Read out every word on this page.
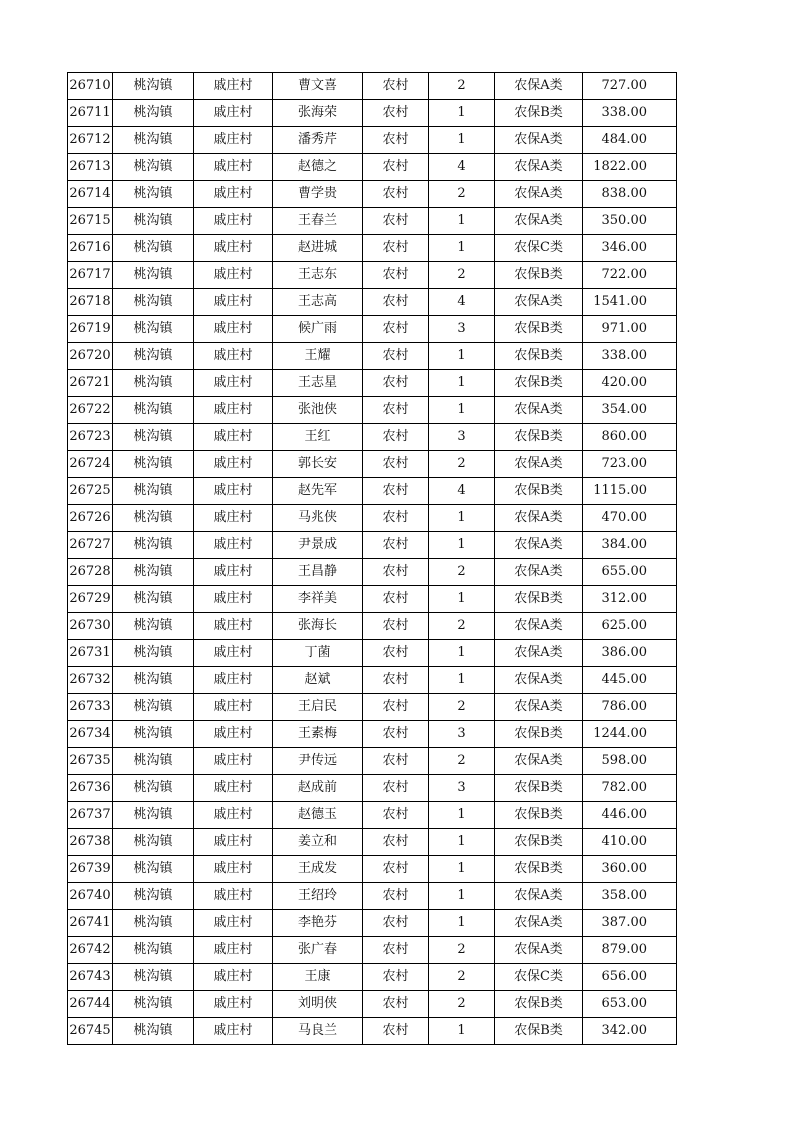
26710	桃沟镇	戚庄村	曹文喜	农村	2	农保A类	727.00
26711	桃沟镇	戚庄村	张海荣	农村	1	农保B类	338.00
26712	桃沟镇	戚庄村	潘秀芹	农村	1	农保A类	484.00
26713	桃沟镇	戚庄村	赵德之	农村	4	农保A类	1822.00
26714	桃沟镇	戚庄村	曹学贵	农村	2	农保A类	838.00
26715	桃沟镇	戚庄村	王春兰	农村	1	农保A类	350.00
26716	桃沟镇	戚庄村	赵进城	农村	1	农保C类	346.00
26717	桃沟镇	戚庄村	王志东	农村	2	农保B类	722.00
26718	桃沟镇	戚庄村	王志高	农村	4	农保A类	1541.00
26719	桃沟镇	戚庄村	候广雨	农村	3	农保B类	971.00
26720	桃沟镇	戚庄村	王耀	农村	1	农保B类	338.00
26721	桃沟镇	戚庄村	王志星	农村	1	农保B类	420.00
26722	桃沟镇	戚庄村	张池侠	农村	1	农保A类	354.00
26723	桃沟镇	戚庄村	王红	农村	3	农保B类	860.00
26724	桃沟镇	戚庄村	郭长安	农村	2	农保A类	723.00
26725	桃沟镇	戚庄村	赵先军	农村	4	农保B类	1115.00
26726	桃沟镇	戚庄村	马兆侠	农村	1	农保A类	470.00
26727	桃沟镇	戚庄村	尹景成	农村	1	农保A类	384.00
26728	桃沟镇	戚庄村	王昌静	农村	2	农保A类	655.00
26729	桃沟镇	戚庄村	李祥美	农村	1	农保B类	312.00
26730	桃沟镇	戚庄村	张海长	农村	2	农保A类	625.00
26731	桃沟镇	戚庄村	丁菌	农村	1	农保A类	386.00
26732	桃沟镇	戚庄村	赵斌	农村	1	农保A类	445.00
26733	桃沟镇	戚庄村	王启民	农村	2	农保A类	786.00
26734	桃沟镇	戚庄村	王素梅	农村	3	农保B类	1244.00
26735	桃沟镇	戚庄村	尹传远	农村	2	农保A类	598.00
26736	桃沟镇	戚庄村	赵成前	农村	3	农保B类	782.00
26737	桃沟镇	戚庄村	赵德玉	农村	1	农保B类	446.00
26738	桃沟镇	戚庄村	姜立和	农村	1	农保B类	410.00
26739	桃沟镇	戚庄村	王成发	农村	1	农保B类	360.00
26740	桃沟镇	戚庄村	王绍玲	农村	1	农保A类	358.00
26741	桃沟镇	戚庄村	李艳芬	农村	1	农保A类	387.00
26742	桃沟镇	戚庄村	张广春	农村	2	农保A类	879.00
26743	桃沟镇	戚庄村	王康	农村	2	农保C类	656.00
26744	桃沟镇	戚庄村	刘明侠	农村	2	农保B类	653.00
26745	桃沟镇	戚庄村	马良兰	农村	1	农保B类	342.00
